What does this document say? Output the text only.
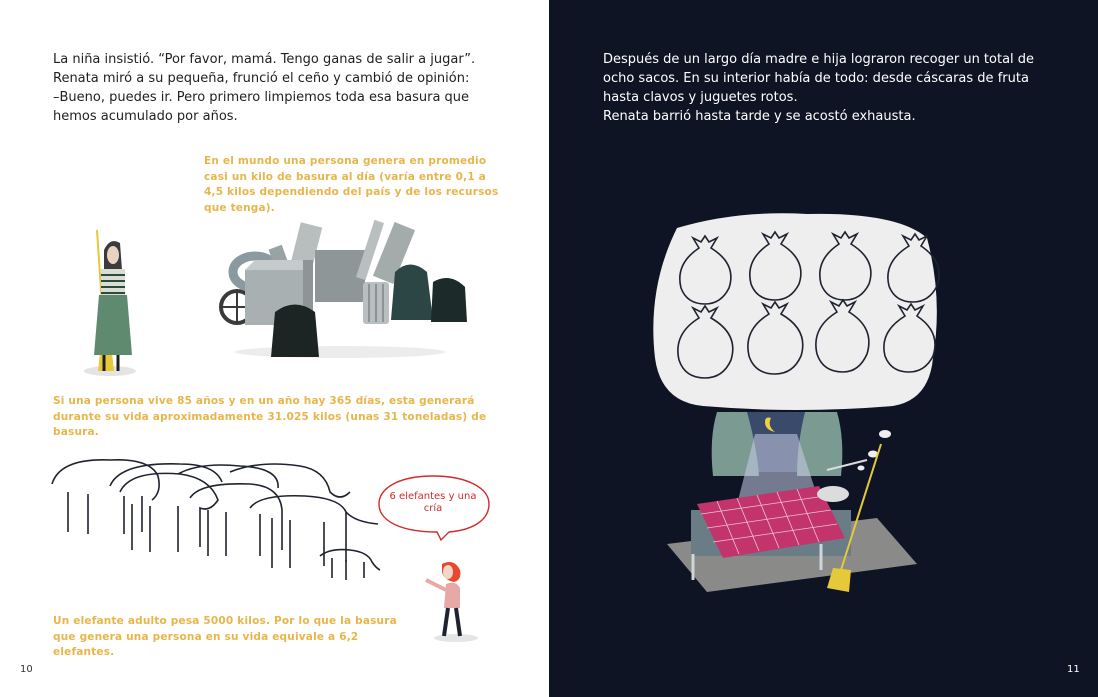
La niña insistió. “Por favor, mamá. Tengo ganas de salir a jugar”.

Renata miró a su pequeña, frunció el ceño y cambió de opinión:

–Bueno, puedes ir. Pero primero limpiemos toda esa basura que hemos acumulado por años.

En el mundo una persona genera en promedio casi un kilo de basura al día (varía entre 0,1 a 4,5 kilos dependiendo del país y de los recursos que tenga).
Si una persona vive 85 años y en un año hay 365 días, esta generará durante su vida aproximadamente 31.025 kilos (unas 31 toneladas) de basura.
6 elefantes y una cría
Un elefante adulto pesa 5000 kilos. Por lo que la basura que genera una persona en su vida equivale a 6,2 elefantes.
10

Después de un largo día madre e hija lograron recoger un total de ocho sacos. En su interior había de todo: desde cáscaras de fruta hasta clavos y juguetes rotos.

Renata barrió hasta tarde y se acostó exhausta.

11
